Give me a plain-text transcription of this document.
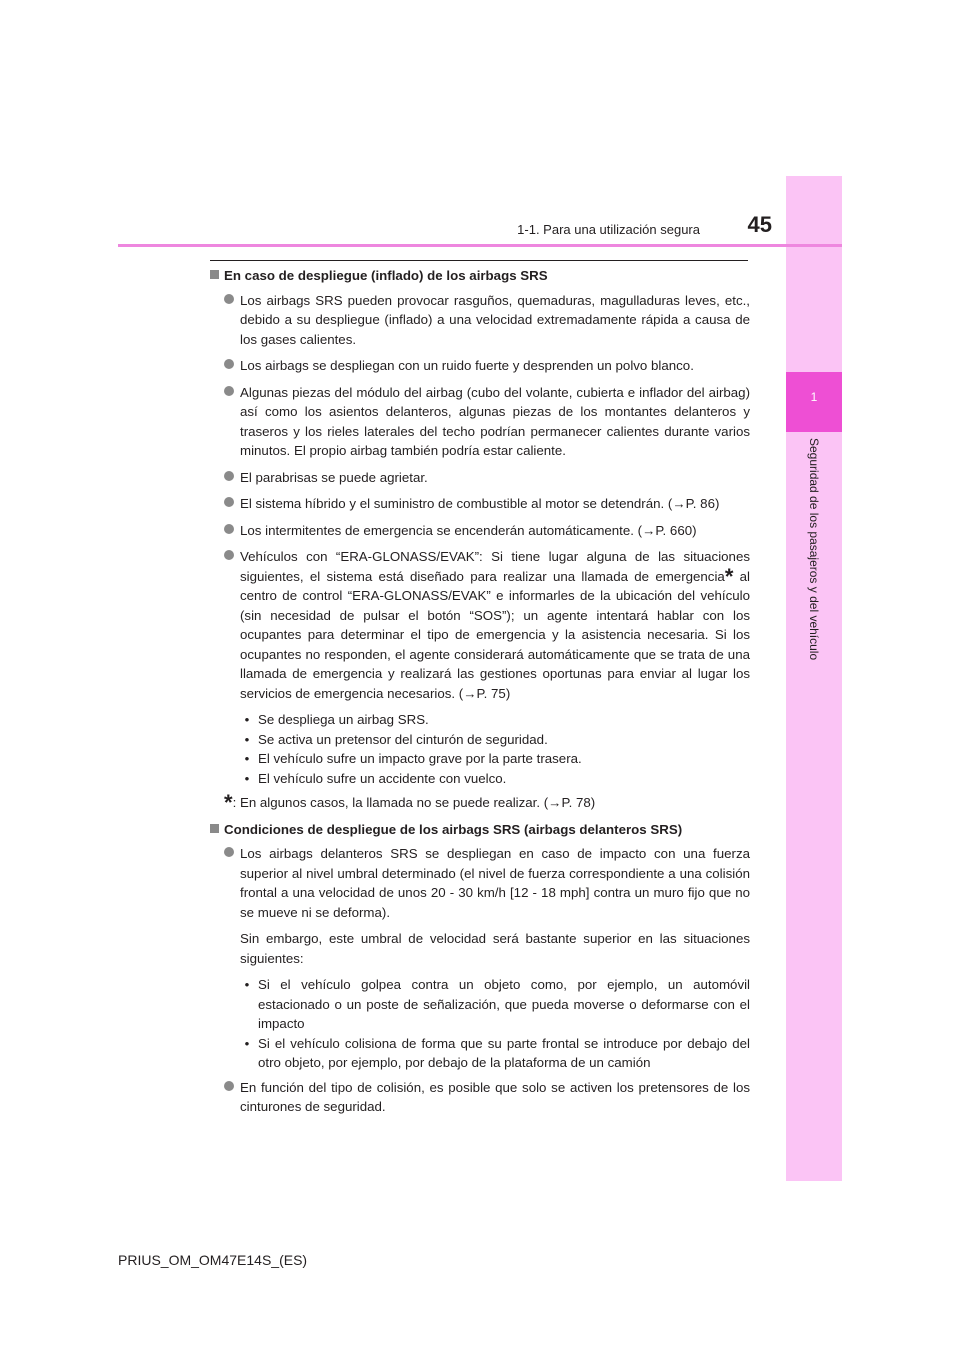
1
Seguridad de los pasajeros y del vehículo
1-1. Para una utilización segura	45
En caso de despliegue (inflado) de los airbags SRS
Los airbags SRS pueden provocar rasguños, quemaduras, magulladuras leves, etc., debido a su despliegue (inflado) a una velocidad extremadamente rápida a causa de los gases calientes.
Los airbags se despliegan con un ruido fuerte y desprenden un polvo blanco.
Algunas piezas del módulo del airbag (cubo del volante, cubierta e inflador del airbag) así como los asientos delanteros, algunas piezas de los montantes delanteros y traseros y los rieles laterales del techo podrían permanecer calientes durante varios minutos. El propio airbag también podría estar caliente.
El parabrisas se puede agrietar.
El sistema híbrido y el suministro de combustible al motor se detendrán. (→P. 86)
Los intermitentes de emergencia se encenderán automáticamente. (→P. 660)
Vehículos con “ERA-GLONASS/EVAK”: Si tiene lugar alguna de las situaciones siguientes, el sistema está diseñado para realizar una llamada de emergencia* al centro de control “ERA-GLONASS/EVAK” e informarles de la ubicación del vehículo (sin necesidad de pulsar el botón “SOS”); un agente intentará hablar con los ocupantes para determinar el tipo de emergencia y la asistencia necesaria. Si los ocupantes no responden, el agente considerará automáticamente que se trata de una llamada de emergencia y realizará las gestiones oportunas para enviar al lugar los servicios de emergencia necesarios. (→P. 75)
• Se despliega un airbag SRS.
• Se activa un pretensor del cinturón de seguridad.
• El vehículo sufre un impacto grave por la parte trasera.
• El vehículo sufre un accidente con vuelco.
*: En algunos casos, la llamada no se puede realizar. (→P. 78)
Condiciones de despliegue de los airbags SRS (airbags delanteros SRS)
Los airbags delanteros SRS se despliegan en caso de impacto con una fuerza superior al nivel umbral determinado (el nivel de fuerza correspondiente a una colisión frontal a una velocidad de unos 20 - 30 km/h [12 - 18 mph] contra un muro fijo que no se mueve ni se deforma).
Sin embargo, este umbral de velocidad será bastante superior en las situaciones siguientes:
• Si el vehículo golpea contra un objeto como, por ejemplo, un automóvil estacionado o un poste de señalización, que pueda moverse o deformarse con el impacto
• Si el vehículo colisiona de forma que su parte frontal se introduce por debajo del otro objeto, por ejemplo, por debajo de la plataforma de un camión
En función del tipo de colisión, es posible que solo se activen los pretensores de los cinturones de seguridad.
PRIUS_OM_OM47E14S_(ES)
